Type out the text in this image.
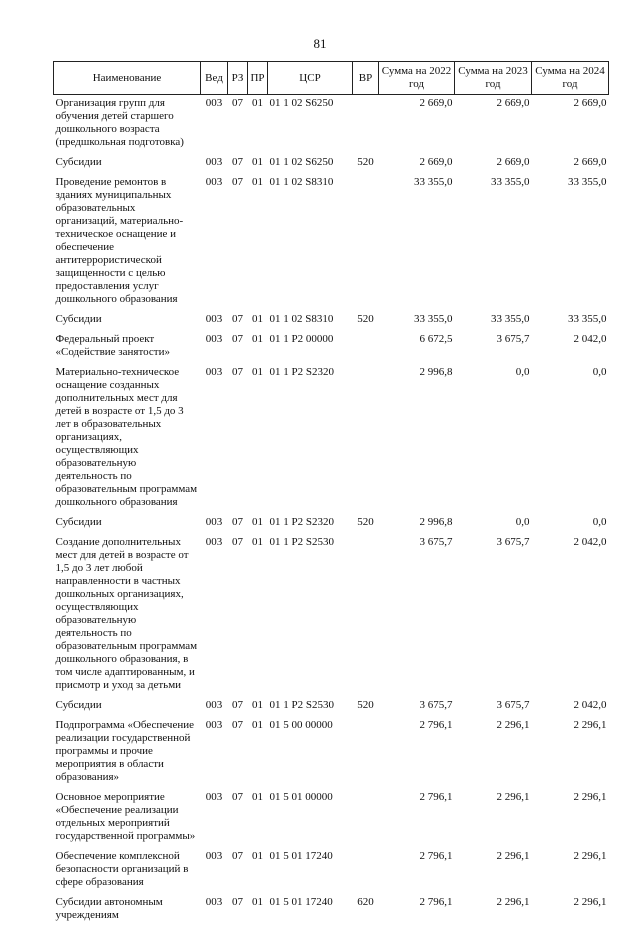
81
Наименование	Вед	РЗ	ПР	ЦСР	ВР	Сумма на 2022 год	Сумма на 2023 год	Сумма на 2024 год
Организация групп для обучения детей старшего дошкольного возраста (предшкольная подготовка)	003	07	01	01 1 02 S6250		2 669,0	2 669,0	2 669,0
Субсидии	003	07	01	01 1 02 S6250	520	2 669,0	2 669,0	2 669,0
Проведение ремонтов в зданиях муниципальных образовательных организаций, материально-техническое оснащение и обеспечение антитеррористической защищенности с целью предоставления услуг дошкольного образования	003	07	01	01 1 02 S8310		33 355,0	33 355,0	33 355,0
Субсидии	003	07	01	01 1 02 S8310	520	33 355,0	33 355,0	33 355,0
Федеральный проект «Содействие занятости»	003	07	01	01 1 P2 00000		6 672,5	3 675,7	2 042,0
Материально-техническое оснащение созданных дополнительных мест для детей в возрасте от 1,5 до 3 лет в образовательных организациях, осуществляющих образовательную деятельность по образовательным программам дошкольного образования	003	07	01	01 1 P2 S2320		2 996,8	0,0	0,0
Субсидии	003	07	01	01 1 P2 S2320	520	2 996,8	0,0	0,0
Создание дополнительных мест для детей в возрасте от 1,5 до 3 лет любой направленности в частных дошкольных организациях, осуществляющих образовательную деятельность по образовательным программам дошкольного образования, в том числе адаптированным, и присмотр и уход за детьми	003	07	01	01 1 P2 S2530		3 675,7	3 675,7	2 042,0
Субсидии	003	07	01	01 1 P2 S2530	520	3 675,7	3 675,7	2 042,0
Подпрограмма «Обеспечение реализации государственной программы и прочие мероприятия в области образования»	003	07	01	01 5 00 00000		2 796,1	2 296,1	2 296,1
Основное мероприятие «Обеспечение реализации отдельных мероприятий государственной программы»	003	07	01	01 5 01 00000		2 796,1	2 296,1	2 296,1
Обеспечение комплексной безопасности организаций в сфере образования	003	07	01	01 5 01 17240		2 796,1	2 296,1	2 296,1
Субсидии автономным учреждениям	003	07	01	01 5 01 17240	620	2 796,1	2 296,1	2 296,1
